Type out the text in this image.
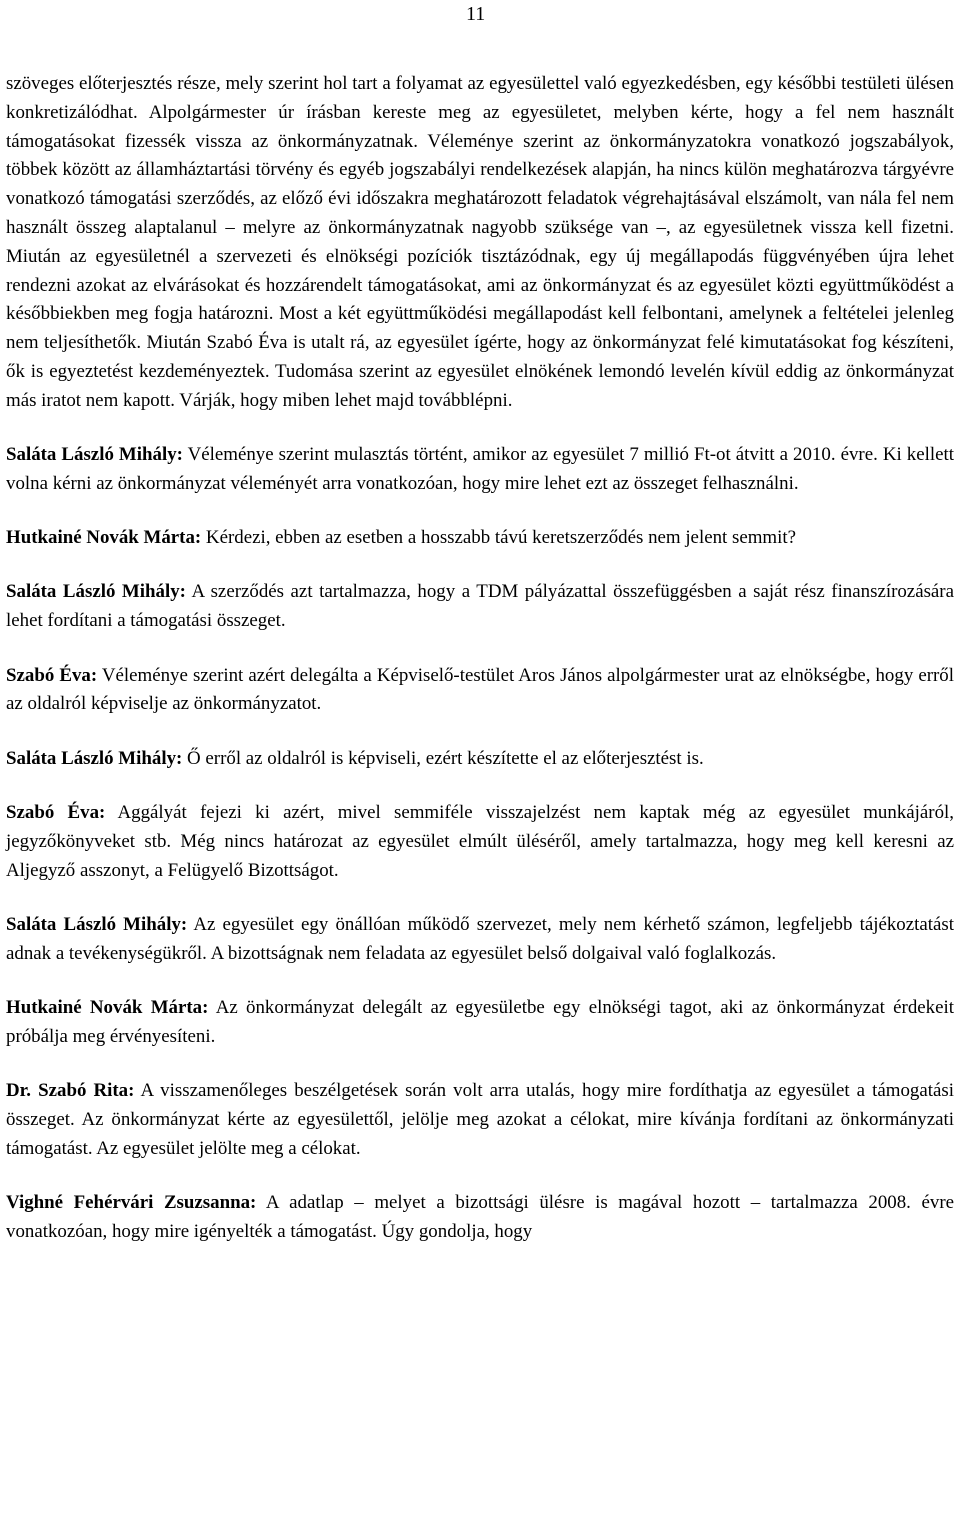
11

szöveges előterjesztés része, mely szerint hol tart a folyamat az egyesülettel való egyezkedésben, egy későbbi testületi ülésen konkretizálódhat. Alpolgármester úr írásban kereste meg az egyesületet, melyben kérte, hogy a fel nem használt támogatásokat fizessék vissza az önkormányzatnak. Véleménye szerint az önkormányzatokra vonatkozó jogszabályok, többek között az államháztartási törvény és egyéb jogszabályi rendelkezések alapján, ha nincs külön meghatározva tárgyévre vonatkozó támogatási szerződés, az előző évi időszakra meghatározott feladatok végrehajtásával elszámolt, van nála fel nem használt összeg alaptalanul – melyre az önkormányzatnak nagyobb szüksége van –, az egyesületnek vissza kell fizetni. Miután az egyesületnél a szervezeti és elnökségi pozíciók tisztázódnak, egy új megállapodás függvényében újra lehet rendezni azokat az elvárásokat és hozzárendelt támogatásokat, ami az önkormányzat és az egyesület közti együttműködést a későbbiekben meg fogja határozni. Most a két együttműködési megállapodást kell felbontani, amelynek a feltételei jelenleg nem teljesíthetők. Miután Szabó Éva is utalt rá, az egyesület ígérte, hogy az önkormányzat felé kimutatásokat fog készíteni, ők is egyeztetést kezdeményeztek. Tudomása szerint az egyesület elnökének lemondó levelén kívül eddig az önkormányzat más iratot nem kapott. Várják, hogy miben lehet majd továbblépni.

Saláta László Mihály: Véleménye szerint mulasztás történt, amikor az egyesület 7 millió Ft-ot átvitt a 2010. évre. Ki kellett volna kérni az önkormányzat véleményét arra vonatkozóan, hogy mire lehet ezt az összeget felhasználni.

Hutkainé Novák Márta: Kérdezi, ebben az esetben a hosszabb távú keretszerződés nem jelent semmit?

Saláta László Mihály: A szerződés azt tartalmazza, hogy a TDM pályázattal összefüggésben a saját rész finanszírozására lehet fordítani a támogatási összeget.

Szabó Éva: Véleménye szerint azért delegálta a Képviselő-testület Aros János alpolgármester urat az elnökségbe, hogy erről az oldalról képviselje az önkormányzatot.

Saláta László Mihály: Ő erről az oldalról is képviseli, ezért készítette el az előterjesztést is.

Szabó Éva: Aggályát fejezi ki azért, mivel semmiféle visszajelzést nem kaptak még az egyesület munkájáról, jegyzőkönyveket stb. Még nincs határozat az egyesület elmúlt üléséről, amely tartalmazza, hogy meg kell keresni az Aljegyző asszonyt, a Felügyelő Bizottságot.

Saláta László Mihály: Az egyesület egy önállóan működő szervezet, mely nem kérhető számon, legfeljebb tájékoztatást adnak a tevékenységükről. A bizottságnak nem feladata az egyesület belső dolgaival való foglalkozás.

Hutkainé Novák Márta: Az önkormányzat delegált az egyesületbe egy elnökségi tagot, aki az önkormányzat érdekeit próbálja meg érvényesíteni.

Dr. Szabó Rita: A visszamenőleges beszélgetések során volt arra utalás, hogy mire fordíthatja az egyesület a támogatási összeget. Az önkormányzat kérte az egyesülettől, jelölje meg azokat a célokat, mire kívánja fordítani az önkormányzati támogatást. Az egyesület jelölte meg a célokat.

Vighné Fehérvári Zsuzsanna: A adatlap – melyet a bizottsági ülésre is magával hozott – tartalmazza 2008. évre vonatkozóan, hogy mire igényelték a támogatást. Úgy gondolja, hogy
